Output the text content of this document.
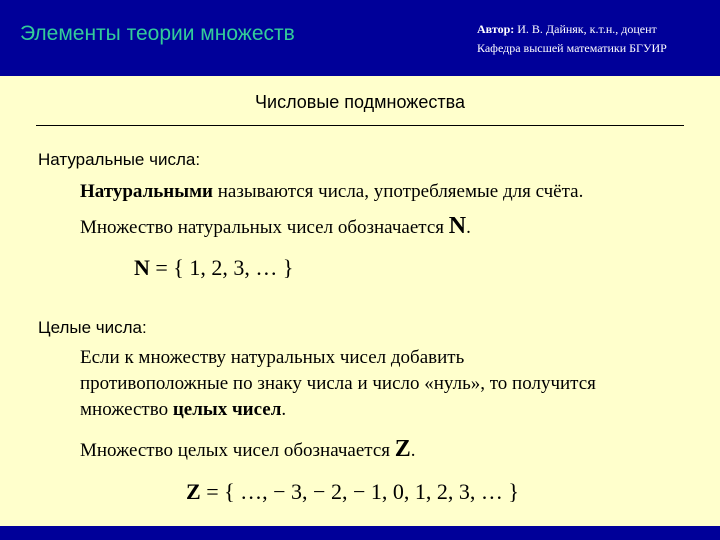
Элементы теории множеств	Автор: И. В. Дайняк, к.т.н., доцент
Кафедра высшей математики БГУИР
Числовые подмножества
Натуральные числа:
Натуральными называются числа, употребляемые для счёта.
Множество натуральных чисел обозначается N.
N = { 1, 2, 3, … }
Целые числа:
Если к множеству натуральных чисел добавить
противоположные по знаку числа и число «нуль», то получится
множество целых чисел.
Множество целых чисел обозначается Z.
Z = { …, − 3, − 2, − 1, 0, 1, 2, 3, … }
